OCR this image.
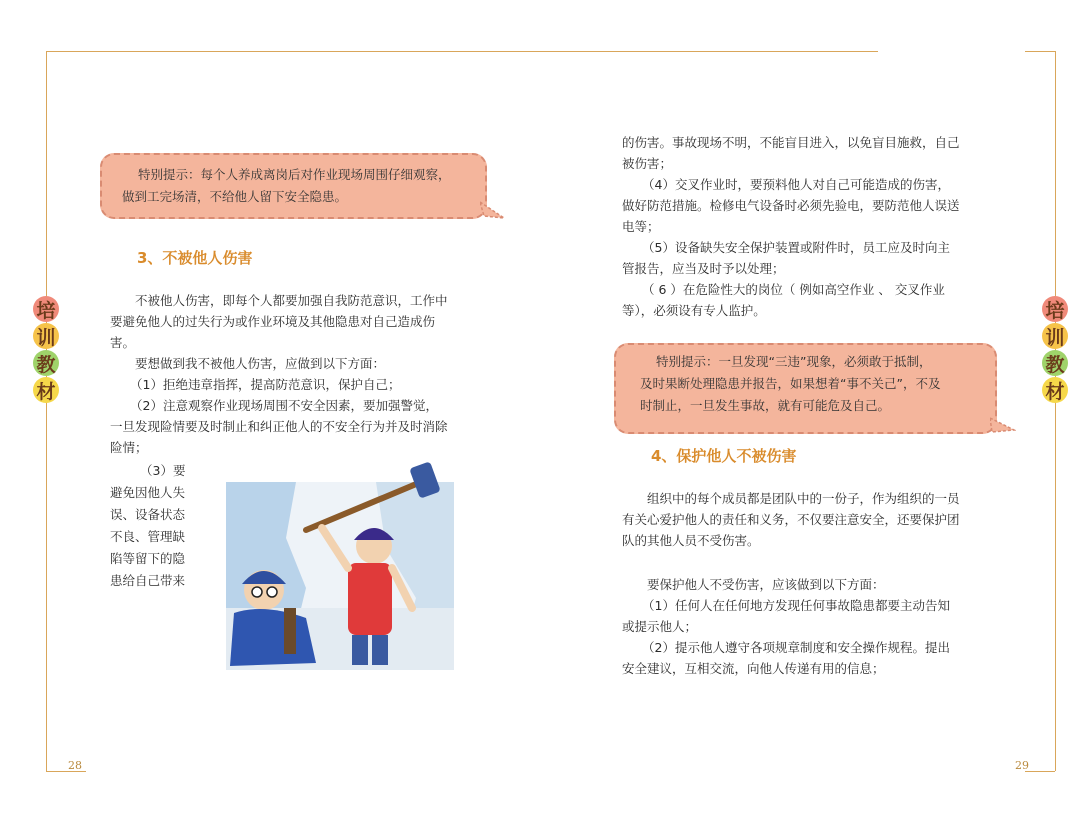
28	29
培
训
教
材
培
训
教
材

特别提示：每个人养成离岗后对作业现场周围仔细观察，

做到工完场清，不给他人留下安全隐患。

3、不被他人伤害

不被他人伤害，即每个人都要加强自我防范意识，工作中

要避免他人的过失行为或作业环境及其他隐患对自己造成伤

害。

要想做到我不被他人伤害，应做到以下方面：

（1）拒绝违章指挥，提高防范意识，保护自己；

（2）注意观察作业现场周围不安全因素，要加强警觉，

一旦发现险情要及时制止和纠正他人的不安全行为并及时消除

险情；

（3）要

避免因他人失

误、设备状态

不良、管理缺

陷等留下的隐

患给自己带来

的伤害。事故现场不明，不能盲目进入，以免盲目施救，自己

被伤害；

（4）交叉作业时，要预料他人对自己可能造成的伤害，

做好防范措施。检修电气设备时必须先验电，要防范他人误送

电等；

（5）设备缺失安全保护装置或附件时，员工应及时向主

管报告，应当及时予以处理；

（ 6 ）在危险性大的岗位（ 例如高空作业 、 交叉作业

等），必须设有专人监护。

特别提示：一旦发现“三违”现象，必须敢于抵制，

及时果断处理隐患并报告，如果想着“事不关己”，不及

时制止，一旦发生事故，就有可能危及自己。

4、保护他人不被伤害

组织中的每个成员都是团队中的一份子，作为组织的一员

有关心爱护他人的责任和义务，不仅要注意安全，还要保护团

队的其他人员不受伤害。

要保护他人不受伤害，应该做到以下方面：

（1）任何人在任何地方发现任何事故隐患都要主动告知

或提示他人；

（2）提示他人遵守各项规章制度和安全操作规程。提出

安全建议，互相交流，向他人传递有用的信息；
